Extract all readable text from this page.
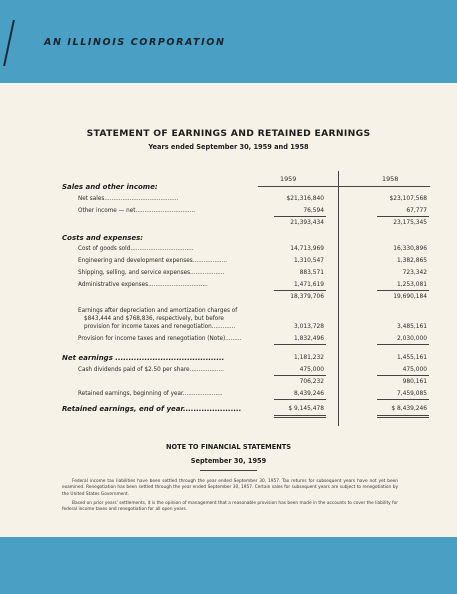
AN ILLINOIS CORPORATION
STATEMENT OF EARNINGS AND RETAINED EARNINGS
Years ended September 30, 1959 and 1958
1959	1958
Sales and other income:
Net sales.........................................	$21,316,840	$23,107,568
Other income — net.................................	76,594	67,777
21,393,434	23,175,345
Costs and expenses:
Cost of goods sold...................................	14,713,969	16,330,896
Engineering and development expenses...................	1,310,547	1,382,865
Shipping, selling, and service expenses...................	883,571	723,342
Administrative expenses.................................	1,471,619	1,253,081
18,379,706	19,690,184
Earnings after depreciation and amortization charges of
$843,444 and $768,836, respectively, but before
provision for income taxes and renegotiation.............	3,013,728	3,485,161
Provision for income taxes and renegotiation (Note).........	1,832,496	2,030,000
Net earnings .........................................	1,181,232	1,455,161
Cash dividends paid of $2.50 per share...................	475,000	475,000
706,232	980,161
Retained earnings, beginning of year......................	8,439,246	7,459,085
Retained earnings, end of year......................	$ 9,145,478	$ 8,439,246
NOTE TO FINANCIAL STATEMENTS
September 30, 1959
Federal income tax liabilities have been settled through the year ended September 30, 1957. Tax returns for subsequent years have not yet been examined. Renegotiation has been settled through the year ended September 30, 1957. Certain sales for subsequent years are subject to renegotiation by the United States Government.
Based on prior years' settlements, it is the opinion of management that a reasonable provision has been made in the accounts to cover the liability for federal income taxes and renegotiation for all open years.
